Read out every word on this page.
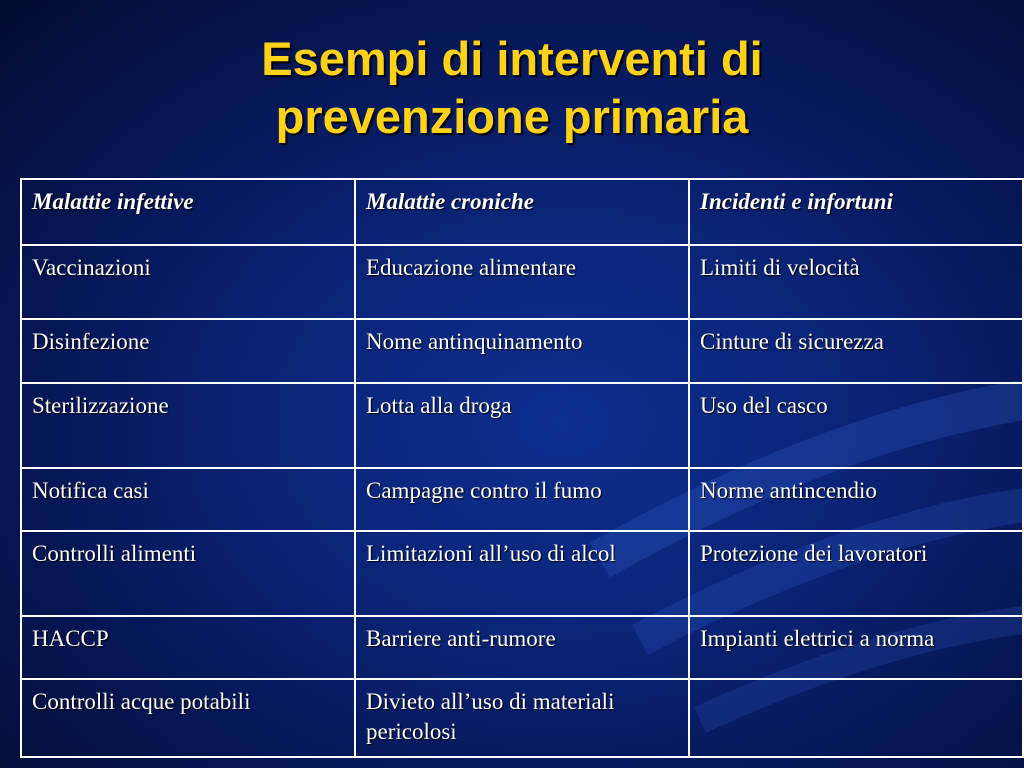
Esempi di interventi di
prevenzione primaria
Malattie infettive	Malattie croniche	Incidenti e infortuni
Vaccinazioni	Educazione alimentare	Limiti di velocità
Disinfezione	Nome antinquinamento	Cinture di sicurezza
Sterilizzazione	Lotta alla droga	Uso del casco
Notifica casi	Campagne contro il fumo	Norme antincendio
Controlli alimenti	Limitazioni all’uso di alcol	Protezione dei lavoratori
HACCP	Barriere anti-rumore	Impianti elettrici a norma
Controlli acque potabili	Divieto all’uso di materiali pericolosi	
